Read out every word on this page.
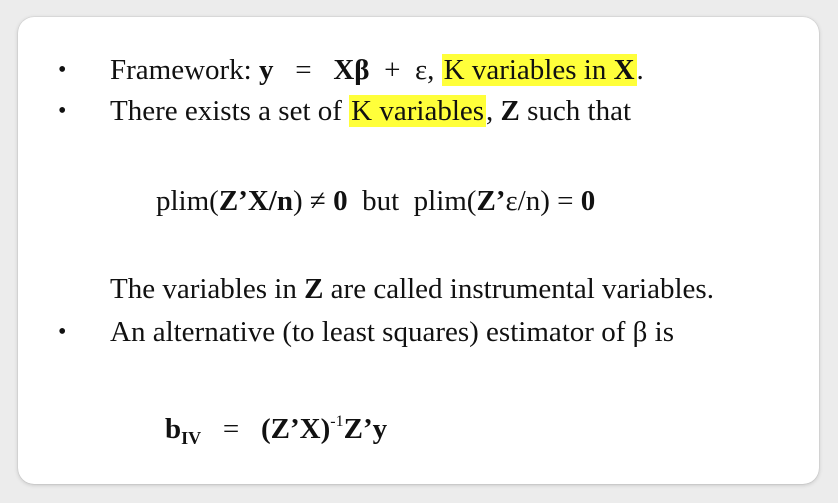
• Framework: y = Xβ + ε, K variables in X.
• There exists a set of K variables, Z such that
plim(Z’X/n) ≠ 0  but  plim(Z’ε/n) = 0
The variables in Z are called instrumental variables.
• An alternative (to least squares) estimator of β is
$b_{IV}$ = (Z’X)$^{-1}$Z’y
